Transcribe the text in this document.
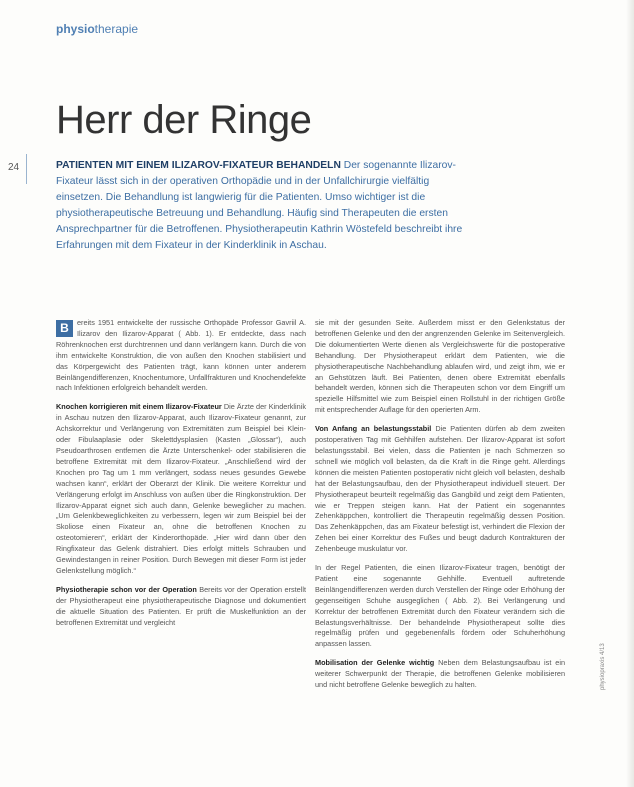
physiotherapie
Herr der Ringe
24	PATIENTEN MIT EINEM ILIZAROV-FIXATEUR BEHANDELN Der sogenannte Ilizarov-Fixateur lässt sich in der operativen Orthopädie und in der Unfallchirurgie vielfältig einsetzen. Die Behandlung ist langwierig für die Patienten. Umso wichtiger ist die physiotherapeutische Betreuung und Behandlung. Häufig sind Therapeuten die ersten Ansprechpartner für die Betroffenen. Physiotherapeutin Kathrin Wöstefeld beschreibt ihre Erfahrungen mit dem Fixateur in der Kinderklinik in Aschau.

B	ereits 1951 entwickelte der russische Orthopäde Professor Gavriil A. Ilizarov den Ilizarov-Apparat ( Abb. 1). Er entdeckte, dass nach Röhrenknochen erst durchtrennen und dann verlängern kann. Durch die von ihm entwickelte Konstruktion, die von außen den Knochen stabilisiert und das Körpergewicht des Patienten trägt, kann können unter anderem Beinlängendifferenzen, Knochentumore, Unfallfrakturen und Knochendefekte nach Infektionen erfolgreich behandelt werden.

Knochen korrigieren mit einem Ilizarov-Fixateur Die Ärzte der Kinderklinik in Aschau nutzen den Ilizarov-Apparat, auch Ilizarov-Fixateur genannt, zur Achskorrektur und Verlängerung von Extremitäten zum Beispiel bei Klein- oder Fibulaaplasie oder Skelettdysplasien (Kasten „Glossar“), auch Pseudoarthrosen entfernen die Ärzte Unterschenkel- oder stabilisieren die betroffene Extremität mit dem Ilizarov-Fixateur. „Anschließend wird der Knochen pro Tag um 1 mm verlängert, sodass neues gesundes Gewebe wachsen kann“, erklärt der Oberarzt der Klinik. Die weitere Korrektur und Verlängerung erfolgt im Anschluss von außen über die Ringkonstruktion. Der Ilizarov-Apparat eignet sich auch dann, Gelenke beweglicher zu machen. „Um Gelenkbeweglichkeiten zu verbessern, legen wir zum Beispiel bei der Skoliose einen Fixateur an, ohne die betroffenen Knochen zu osteotomieren“, erklärt der Kinderorthopäde. „Hier wird dann über den Ringfixateur das Gelenk distrahiert. Dies erfolgt mittels Schrauben und Gewindestangen in reiner Position. Durch Bewegen mit dieser Form ist jeder Gelenkstellung möglich.“

Physiotherapie schon vor der Operation Bereits vor der Operation erstellt der Physiotherapeut eine physiotherapeutische Diagnose und dokumentiert die aktuelle Situation des Patienten. Er prüft die Muskelfunktion an der betroffenen Extremität und vergleicht

sie mit der gesunden Seite. Außerdem misst er den Gelenkstatus der betroffenen Gelenke und den der angrenzenden Gelenke im Seitenvergleich. Die dokumentierten Werte dienen als Vergleichswerte für die postoperative Behandlung. Der Physiotherapeut erklärt dem Patienten, wie die physiotherapeutische Nachbehandlung ablaufen wird, und zeigt ihm, wie er an Gehstützen läuft. Bei Patienten, denen obere Extremität ebenfalls behandelt werden, können sich die Therapeuten schon vor dem Eingriff um spezielle Hilfsmittel wie zum Beispiel einen Rollstuhl in der richtigen Größe mit entsprechender Auflage für den operierten Arm.

Von Anfang an belastungsstabil Die Patienten dürfen ab dem zweiten postoperativen Tag mit Gehhilfen aufstehen. Der Ilizarov-Apparat ist sofort belastungsstabil. Bei vielen, dass die Patienten je nach Schmerzen so schnell wie möglich voll belasten, da die Kraft in die Ringe geht. Allerdings können die meisten Patienten postoperativ nicht gleich voll belasten, deshalb hat der Belastungsaufbau, den der Physiotherapeut individuell steuert. Der Physiotherapeut beurteilt regelmäßig das Gangbild und zeigt dem Patienten, wie er Treppen steigen kann. Hat der Patient ein sogenanntes Zehenkäppchen, kontrolliert die Therapeutin regelmäßig dessen Position. Das Zehenkäppchen, das am Fixateur befestigt ist, verhindert die Flexion der Zehen bei einer Korrektur des Fußes und beugt dadurch Kontrakturen der Zehenbeuge muskulatur vor.

In der Regel Patienten, die einen Ilizarov-Fixateur tragen, benötigt der Patient eine sogenannte Gehhilfe. Eventuell auftretende Beinlängendifferenzen werden durch Verstellen der Ringe oder Erhöhung der gegenseitigen Schuhe ausgeglichen ( Abb. 2). Bei Verlängerung und Korrektur der betroffenen Extremität durch den Fixateur verändern sich die Belastungsverhältnisse. Der behandelnde Physiotherapeut sollte dies regelmäßig prüfen und gegebenenfalls fördern oder Schuherhöhung anpassen lassen.

Mobilisation der Gelenke wichtig Neben dem Belastungsaufbau ist ein weiterer Schwerpunkt der Therapie, die betroffenen Gelenke mobilisieren und nicht betroffene Gelenke beweglich zu halten.	physiopraxis 4/13
